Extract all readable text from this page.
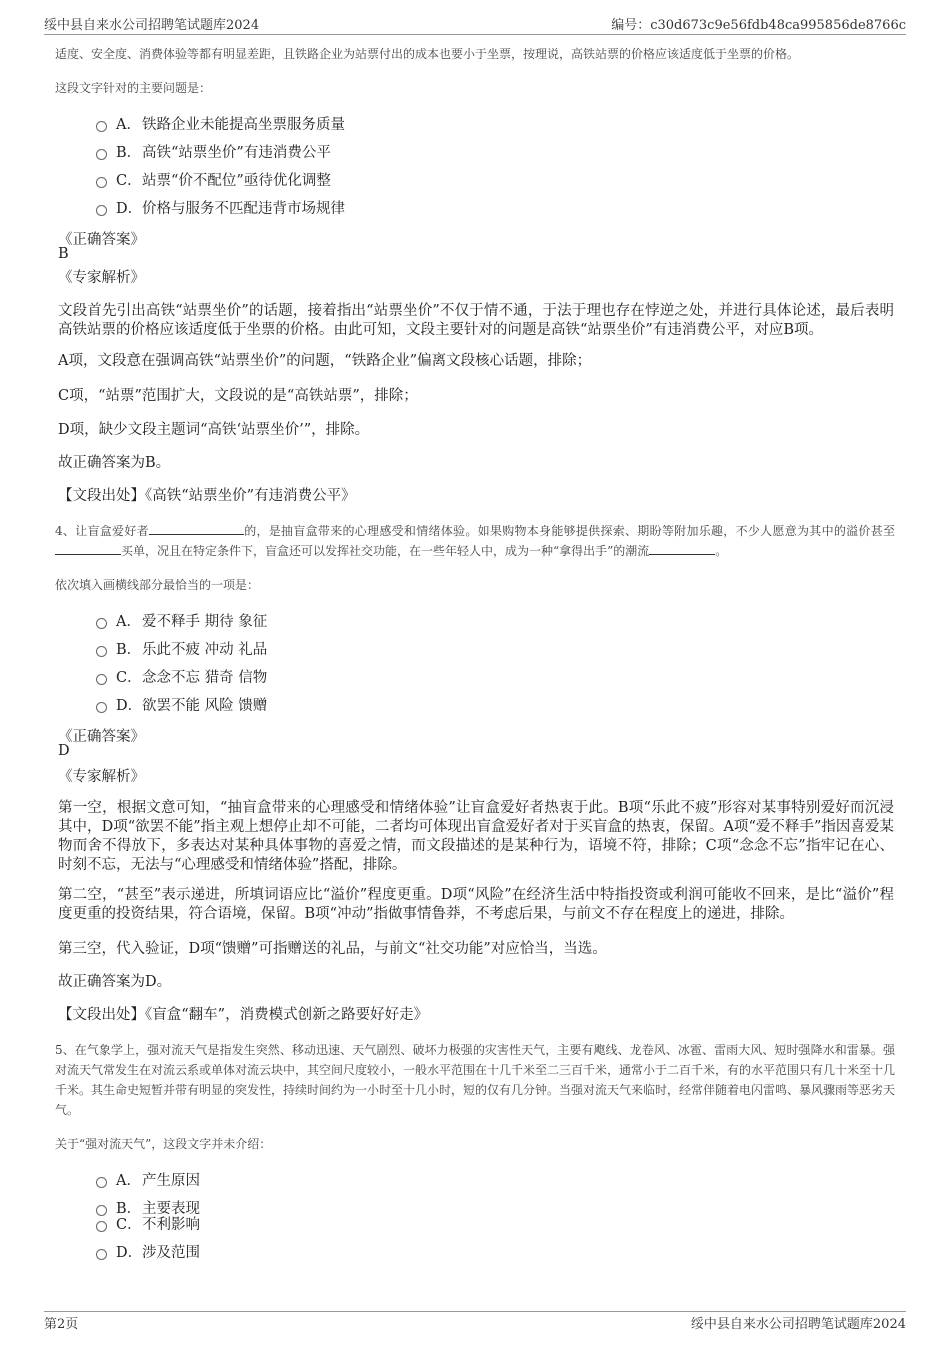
绥中县自来水公司招聘笔试题库2024	编号：c30d673c9e56fdb48ca995856de8766c
适度、安全度、消费体验等都有明显差距，且铁路企业为站票付出的成本也要小于坐票，按理说，高铁站票的价格应该适度低于坐票的价格。
这段文字针对的主要问题是：
A． 铁路企业未能提高坐票服务质量
B． 高铁“站票坐价”有违消费公平
C． 站票“价不配位”亟待优化调整
D． 价格与服务不匹配违背市场规律
《正确答案》
B
《专家解析》
文段首先引出高铁“站票坐价”的话题，接着指出“站票坐价”不仅于情不通，于法于理也存在悖逆之处，并进行具体论述，最后表明高铁站票的价格应该适度低于坐票的价格。由此可知，文段主要针对的问题是高铁“站票坐价”有违消费公平，对应B项。
A项，文段意在强调高铁“站票坐价”的问题，“铁路企业”偏离文段核心话题，排除；
C项，“站票”范围扩大，文段说的是“高铁站票”，排除；
D项，缺少文段主题词“高铁‘站票坐价’”，排除。
故正确答案为B。
【文段出处】《高铁“站票坐价”有违消费公平》
4、让盲盒爱好者	的，是抽盲盒带来的心理感受和情绪体验。如果购物本身能够提供探索、期盼等附加乐趣，不少人愿意为其中的溢价甚至买单，况且在特定条件下，盲盒还可以发挥社交功能，在一些年轻人中，成为一种“拿得出手”的潮流	。
依次填入画横线部分最恰当的一项是：
A． 爱不释手 期待 象征
B． 乐此不疲 冲动 礼品
C． 念念不忘 猎奇 信物
D． 欲罢不能 风险 馈赠
《正确答案》
D
《专家解析》
第一空，根据文意可知，“抽盲盒带来的心理感受和情绪体验”让盲盒爱好者热衷于此。B项“乐此不疲”形容对某事特别爱好而沉浸其中，D项“欲罢不能”指主观上想停止却不可能，二者均可体现出盲盒爱好者对于买盲盒的热衷，保留。A项“爱不释手”指因喜爱某物而舍不得放下，多表达对某种具体事物的喜爱之情，而文段描述的是某种行为，语境不符，排除；C项“念念不忘”指牢记在心、时刻不忘，无法与“心理感受和情绪体验”搭配，排除。
第二空，“甚至”表示递进，所填词语应比“溢价”程度更重。D项“风险”在经济生活中特指投资或利润可能收不回来，是比“溢价”程度更重的投资结果，符合语境，保留。B项“冲动”指做事情鲁莽，不考虑后果，与前文不存在程度上的递进，排除。
第三空，代入验证，D项“馈赠”可指赠送的礼品，与前文“社交功能”对应恰当，当选。
故正确答案为D。
【文段出处】《盲盒“翻车”，消费模式创新之路要好好走》
5、在气象学上，强对流天气是指发生突然、移动迅速、天气剧烈、破坏力极强的灾害性天气，主要有飑线、龙卷风、冰雹、雷雨大风、短时强降水和雷暴。强对流天气常发生在对流云系或单体对流云块中，其空间尺度较小，一般水平范围在十几千米至二三百千米，通常小于二百千米，有的水平范围只有几十米至十几千米。其生命史短暂并带有明显的突发性，持续时间约为一小时至十几小时，短的仅有几分钟。当强对流天气来临时，经常伴随着电闪雷鸣、暴风骤雨等恶劣天气。
关于“强对流天气”，这段文字并未介绍：
A． 产生原因
B． 主要表现
C． 不利影响
D． 涉及范围
第2页	绥中县自来水公司招聘笔试题库2024
